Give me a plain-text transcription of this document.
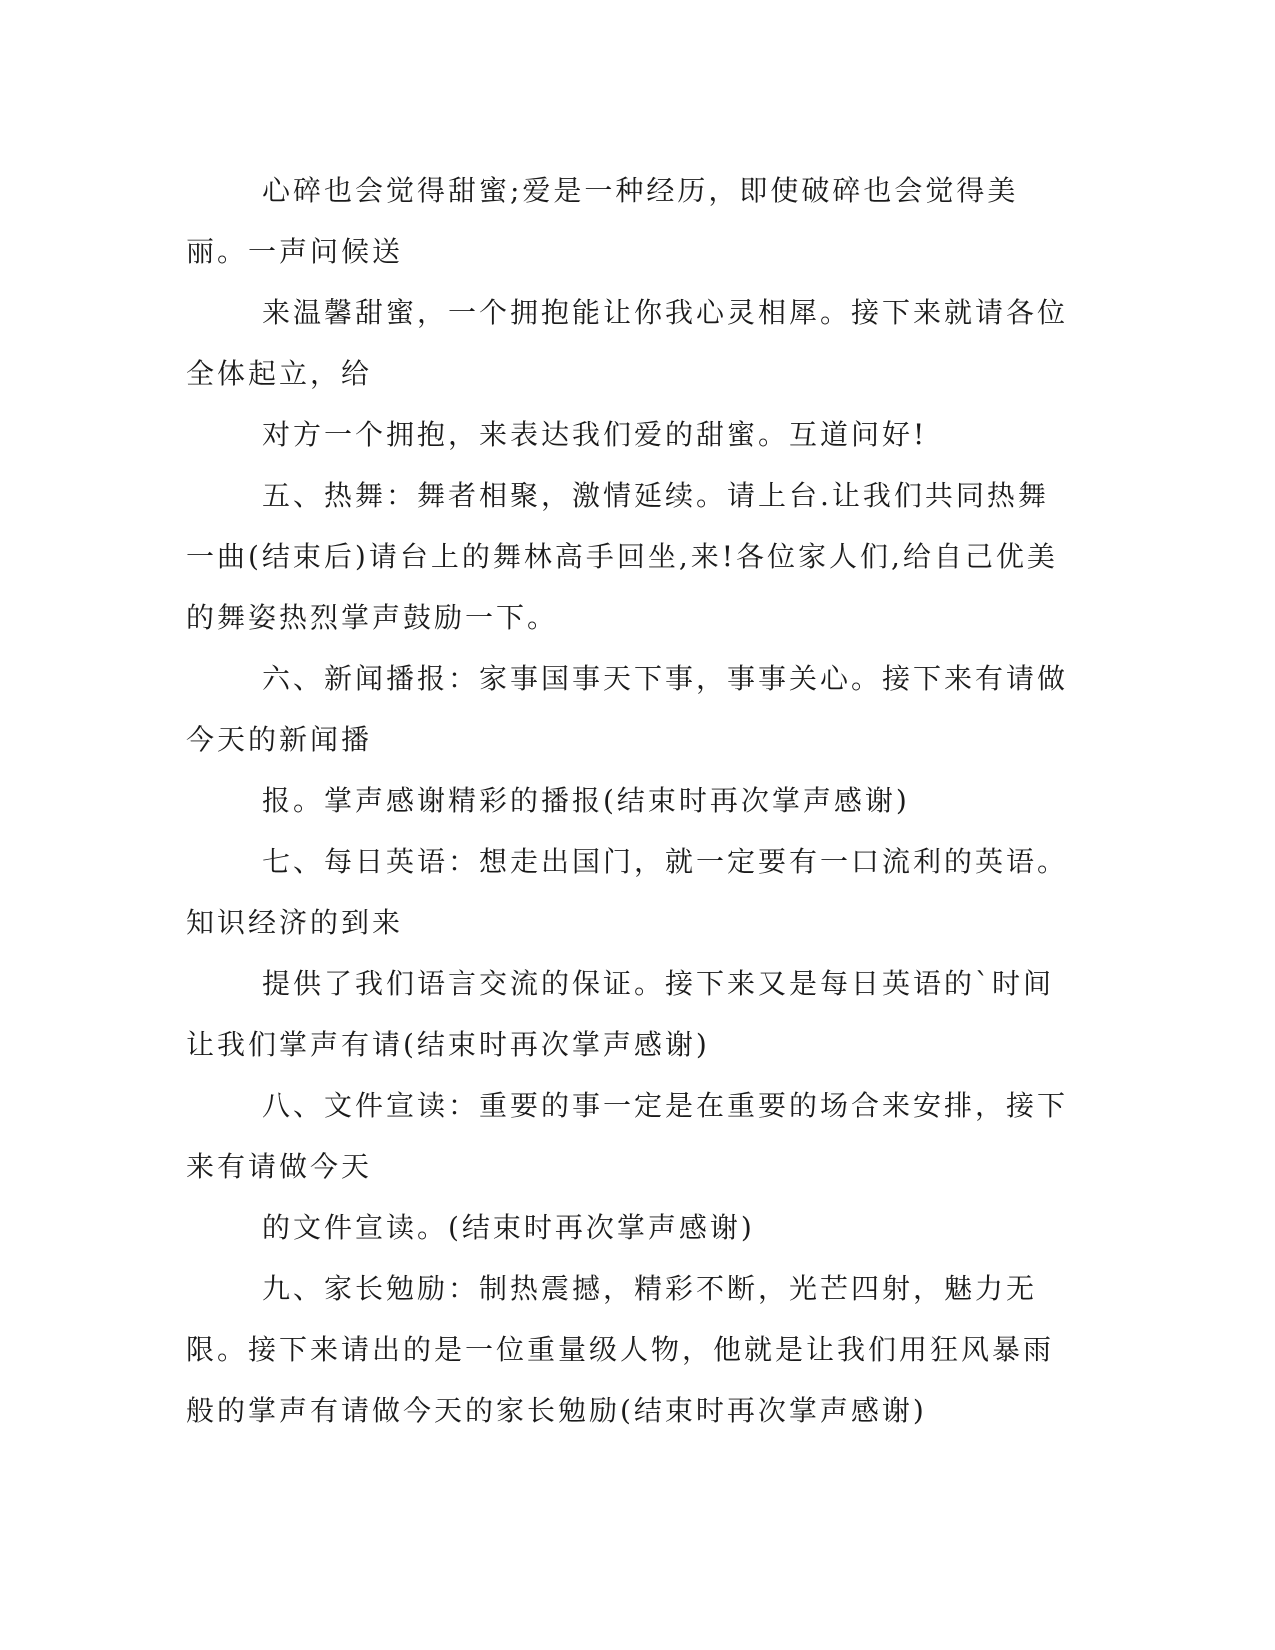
心碎也会觉得甜蜜;爱是一种经历，即使破碎也会觉得美丽。一声问候送

来温馨甜蜜，一个拥抱能让你我心灵相犀。接下来就请各位全体起立，给

对方一个拥抱，来表达我们爱的甜蜜。互道问好!

五、热舞：舞者相聚，激情延续。请上台.让我们共同热舞一曲(结束后)请台上的舞林高手回坐,来!各位家人们,给自己优美的舞姿热烈掌声鼓励一下。

六、新闻播报：家事国事天下事，事事关心。接下来有请做今天的新闻播

报。掌声感谢精彩的播报(结束时再次掌声感谢)

七、每日英语：想走出国门，就一定要有一口流利的英语。知识经济的到来

提供了我们语言交流的保证。接下来又是每日英语的`时间让我们掌声有请(结束时再次掌声感谢)

八、文件宣读：重要的事一定是在重要的场合来安排，接下来有请做今天

的文件宣读。(结束时再次掌声感谢)

九、家长勉励：制热震撼，精彩不断，光芒四射，魅力无限。接下来请出的是一位重量级人物，他就是让我们用狂风暴雨般的掌声有请做今天的家长勉励(结束时再次掌声感谢)
